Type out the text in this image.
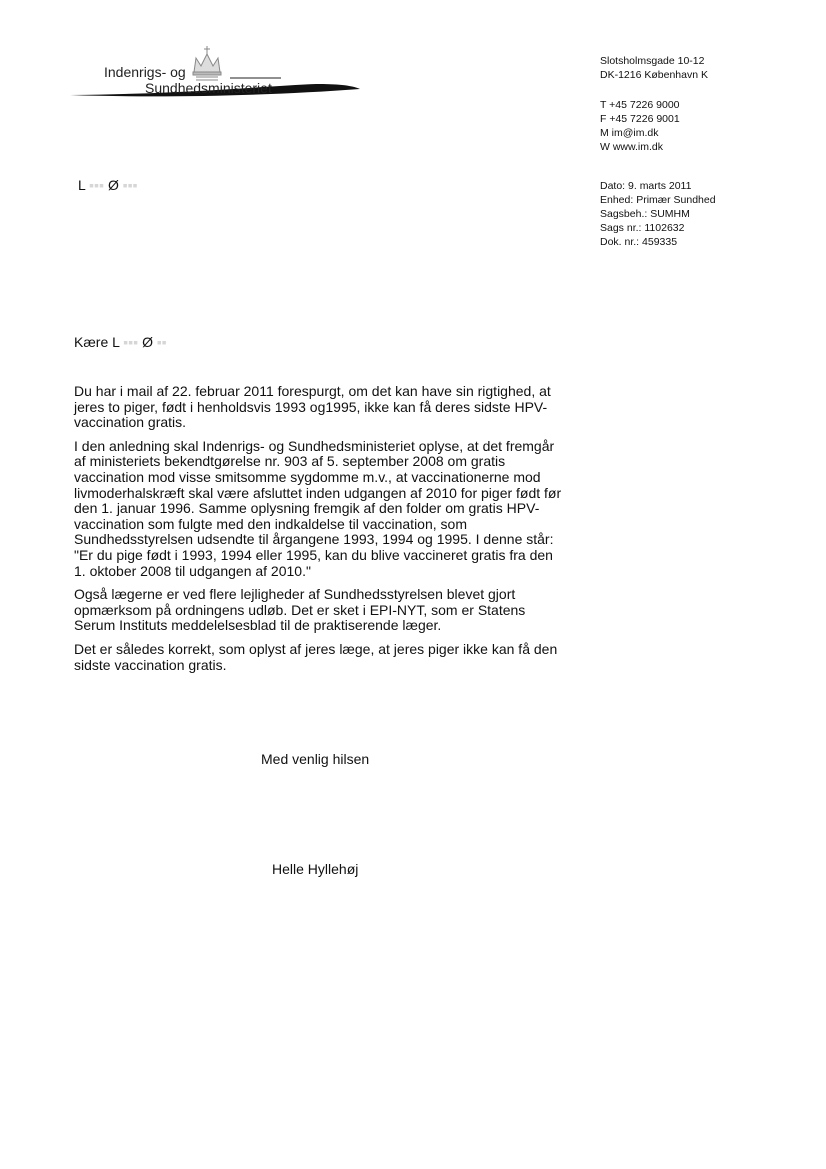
Indenrigs- og
Sundhedsministeriet
Slotsholmsgade 10-12
DK-1216 København K
T +45 7226 9000
F +45 7226 9001
M im@im.dk
W www.im.dk
Dato: 9. marts 2011
Enhed: Primær Sundhed
Sagsbeh.: SUMHM
Sags nr.: 1102632
Dok. nr.: 459335
L ▪▪▪ Ø ▪▪▪
Kære L ▪▪▪ Ø ▪▪

Du har i mail af 22. februar 2011 forespurgt, om det kan have sin rigtighed, at
jeres to piger, født i henholdsvis 1993 og1995, ikke kan få deres sidste HPV-
vaccination gratis.

I den anledning skal Indenrigs- og Sundhedsministeriet oplyse, at det fremgår
af ministeriets bekendtgørelse nr. 903 af 5. september 2008 om gratis
vaccination mod visse smitsomme sygdomme m.v., at vaccinationerne mod
livmoderhalskræft skal være afsluttet inden udgangen af 2010 for piger født før
den 1. januar 1996. Samme oplysning fremgik af den folder om gratis HPV-
vaccination som fulgte med den indkaldelse til vaccination, som
Sundhedsstyrelsen udsendte til årgangene 1993, 1994 og 1995. I denne står:
"Er du pige født i 1993, 1994 eller 1995, kan du blive vaccineret gratis fra den
1. oktober 2008 til udgangen af 2010."

Også lægerne er ved flere lejligheder af Sundhedsstyrelsen blevet gjort
opmærksom på ordningens udløb. Det er sket i EPI-NYT, som er Statens
Serum Instituts meddelelsesblad til de praktiserende læger.

Det er således korrekt, som oplyst af jeres læge, at jeres piger ikke kan få den
sidste vaccination gratis.

Med venlig hilsen
Helle Hyllehøj
